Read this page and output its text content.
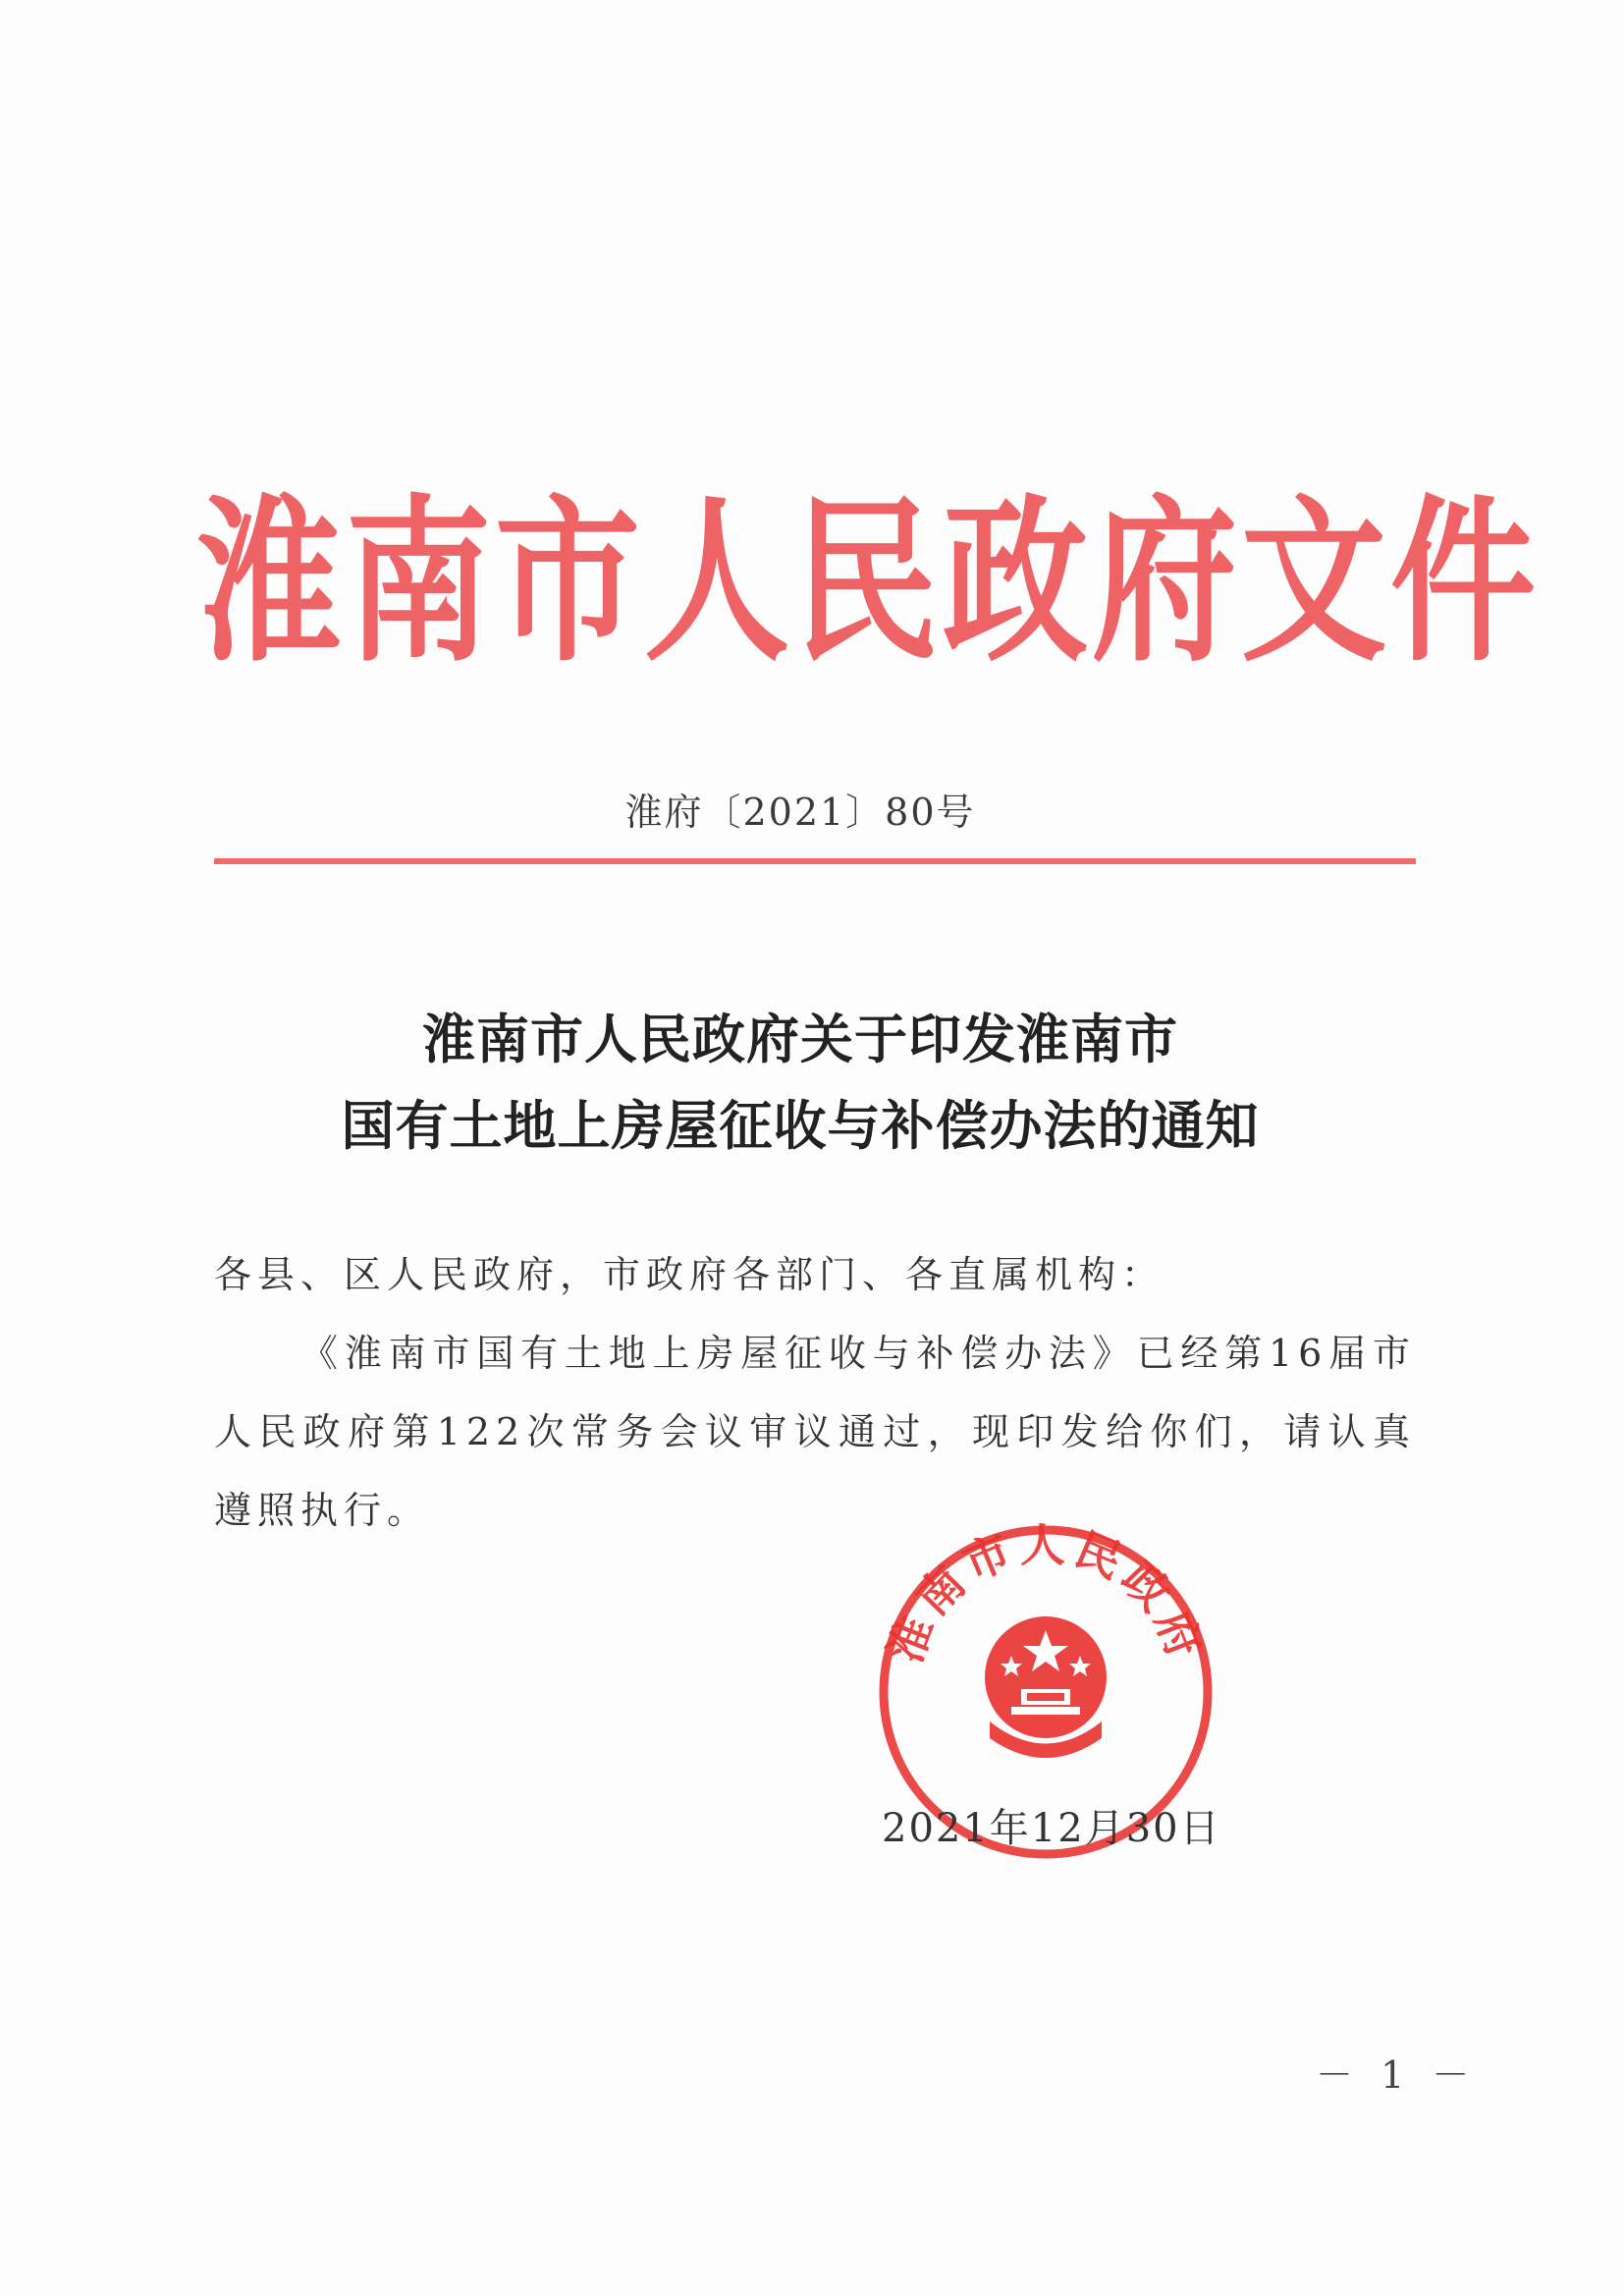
淮南市人民政府文件
淮府〔2021〕80号
淮南市人民政府关于印发淮南市
国有土地上房屋征收与补偿办法的通知
各县、区人民政府，市政府各部门、各直属机构：
《淮南市国有土地上房屋征收与补偿办法》已经第16届市人民政府第122次常务会议审议通过，现印发给你们，请认真遵照执行。
淮南市人民政府
2021年12月30日
－ 1 －
